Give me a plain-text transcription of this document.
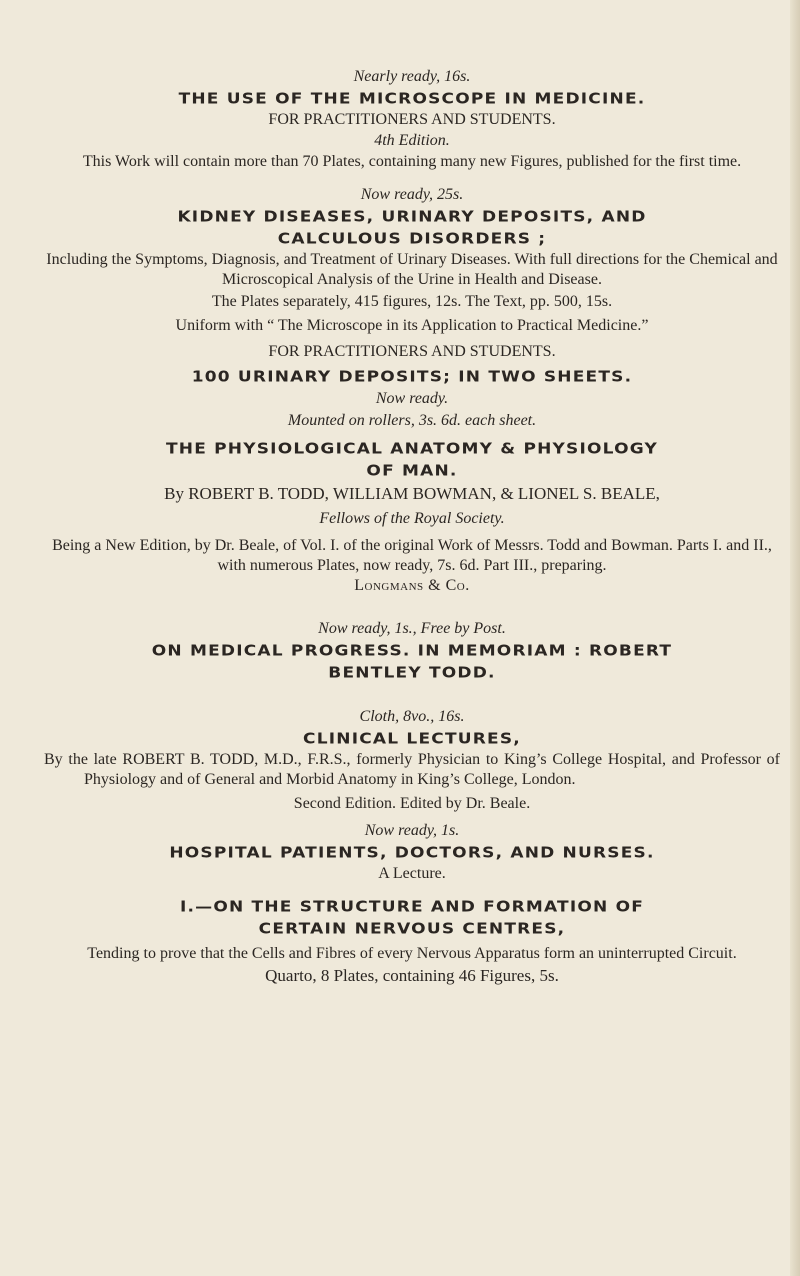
Nearly ready, 16s.

THE USE OF THE MICROSCOPE IN MEDICINE.

FOR PRACTITIONERS AND STUDENTS.

4th Edition.

This Work will contain more than 70 Plates, containing many new Figures, published for the first time.

Now ready, 25s.

KIDNEY DISEASES, URINARY DEPOSITS, AND

CALCULOUS DISORDERS ;

Including the Symptoms, Diagnosis, and Treatment of Urinary Diseases. With full directions for the Chemical and Microscopical Analysis of the Urine in Health and Disease.

The Plates separately, 415 figures, 12s. The Text, pp. 500, 15s.

Uniform with “ The Microscope in its Application to Practical Medicine.”

FOR PRACTITIONERS AND STUDENTS.

100 URINARY DEPOSITS; IN TWO SHEETS.

Now ready.

Mounted on rollers, 3s. 6d. each sheet.

THE PHYSIOLOGICAL ANATOMY & PHYSIOLOGY

OF MAN.

By ROBERT B. TODD, WILLIAM BOWMAN, & LIONEL S. BEALE,

Fellows of the Royal Society.

Being a New Edition, by Dr. Beale, of Vol. I. of the original Work of Messrs. Todd and Bowman. Parts I. and II., with numerous Plates, now ready, 7s. 6d. Part III., preparing.

Longmans & Co.

Now ready, 1s., Free by Post.

ON MEDICAL PROGRESS. IN MEMORIAM : ROBERT

BENTLEY TODD.

Cloth, 8vo., 16s.

CLINICAL LECTURES,

By the late ROBERT B. TODD, M.D., F.R.S., formerly Physician to King’s College Hospital, and Professor of Physiology and of General and Morbid Anatomy in King’s College, London.

Second Edition. Edited by Dr. Beale.

Now ready, 1s.

HOSPITAL PATIENTS, DOCTORS, AND NURSES.

A Lecture.

I.—ON THE STRUCTURE AND FORMATION OF

CERTAIN NERVOUS CENTRES,

Tending to prove that the Cells and Fibres of every Nervous Apparatus form an uninterrupted Circuit.

Quarto, 8 Plates, containing 46 Figures, 5s.
